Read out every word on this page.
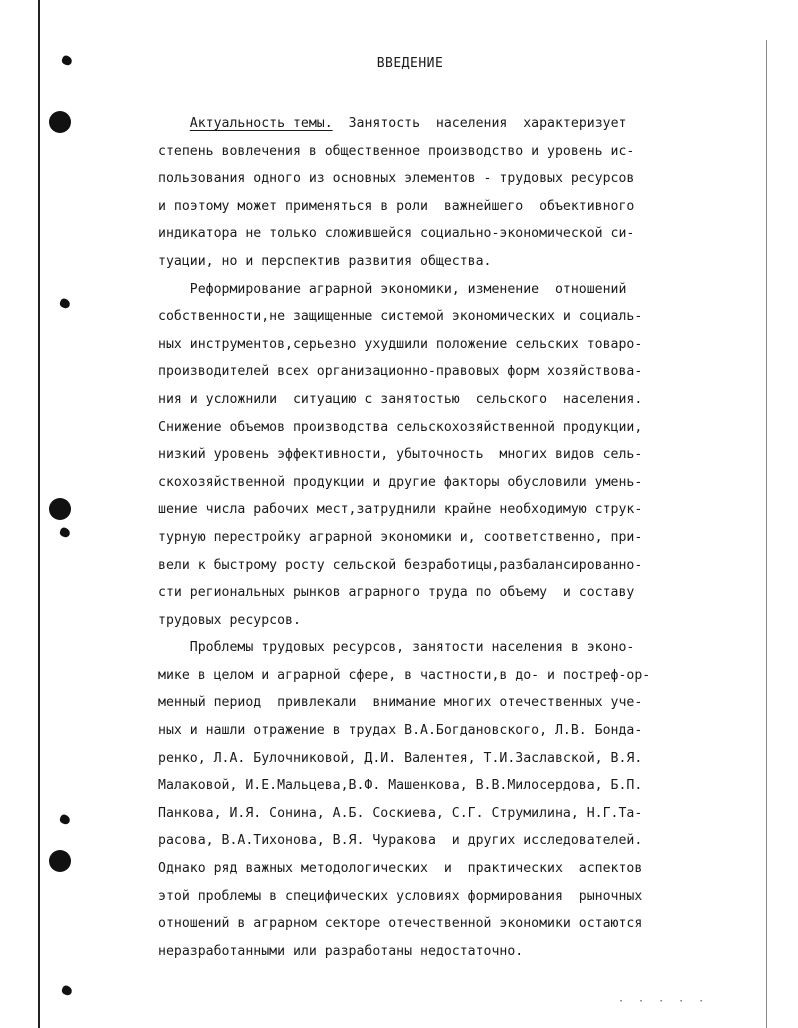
ВВЕДЕНИЕ
Актуальность темы.  Занятость  населения  характеризует
степень вовлечения в общественное производство и уровень ис-
пользования одного из основных элементов - трудовых ресурсов
и поэтому может применяться в роли  важнейшего  объективного
индикатора не только сложившейся социально-экономической си-
туации, но и перспектив развития общества.
Реформирование аграрной экономики, изменение  отношений
собственности,не защищенные системой экономических и социаль-
ных инструментов,серьезно ухудшили положение сельских товаро-
производителей всех организационно-правовых форм хозяйствова-
ния и усложнили  ситуацию с занятостью  сельского  населения.
Снижение объемов производства сельскохозяйственной продукции,
низкий уровень эффективности, убыточность  многих видов сель-
скохозяйственной продукции и другие факторы обусловили умень-
шение числа рабочих мест,затруднили крайне необходимую струк-
турную перестройку аграрной экономики и, соответственно, при-
вели к быстрому росту сельской безработицы,разбалансированно-
сти региональных рынков аграрного труда по объему  и составу
трудовых ресурсов.
Проблемы трудовых ресурсов, занятости населения в эконо-
мике в целом и аграрной сфере, в частности,в до- и постреф-ор-
менный период  привлекали  внимание многих отечественных уче-
ных и нашли отражение в трудах В.А.Богдановского, Л.В. Бонда-
ренко, Л.А. Булочниковой, Д.И. Валентея, Т.И.Заславской, В.Я.
Малаковой, И.Е.Мальцева,В.Ф. Машенкова, В.В.Милосердова, Б.П.
Панкова, И.Я. Сонина, А.Б. Соскиева, С.Г. Струмилина, Н.Г.Та-
расова, В.А.Тихонова, В.Я. Чуракова  и других исследователей.
Однако ряд важных методологических  и  практических  аспектов
этой проблемы в специфических условиях формирования  рыночных
отношений в аграрном секторе отечественной экономики остаются
неразработанными или разработаны недостаточно.
· · · · ·
